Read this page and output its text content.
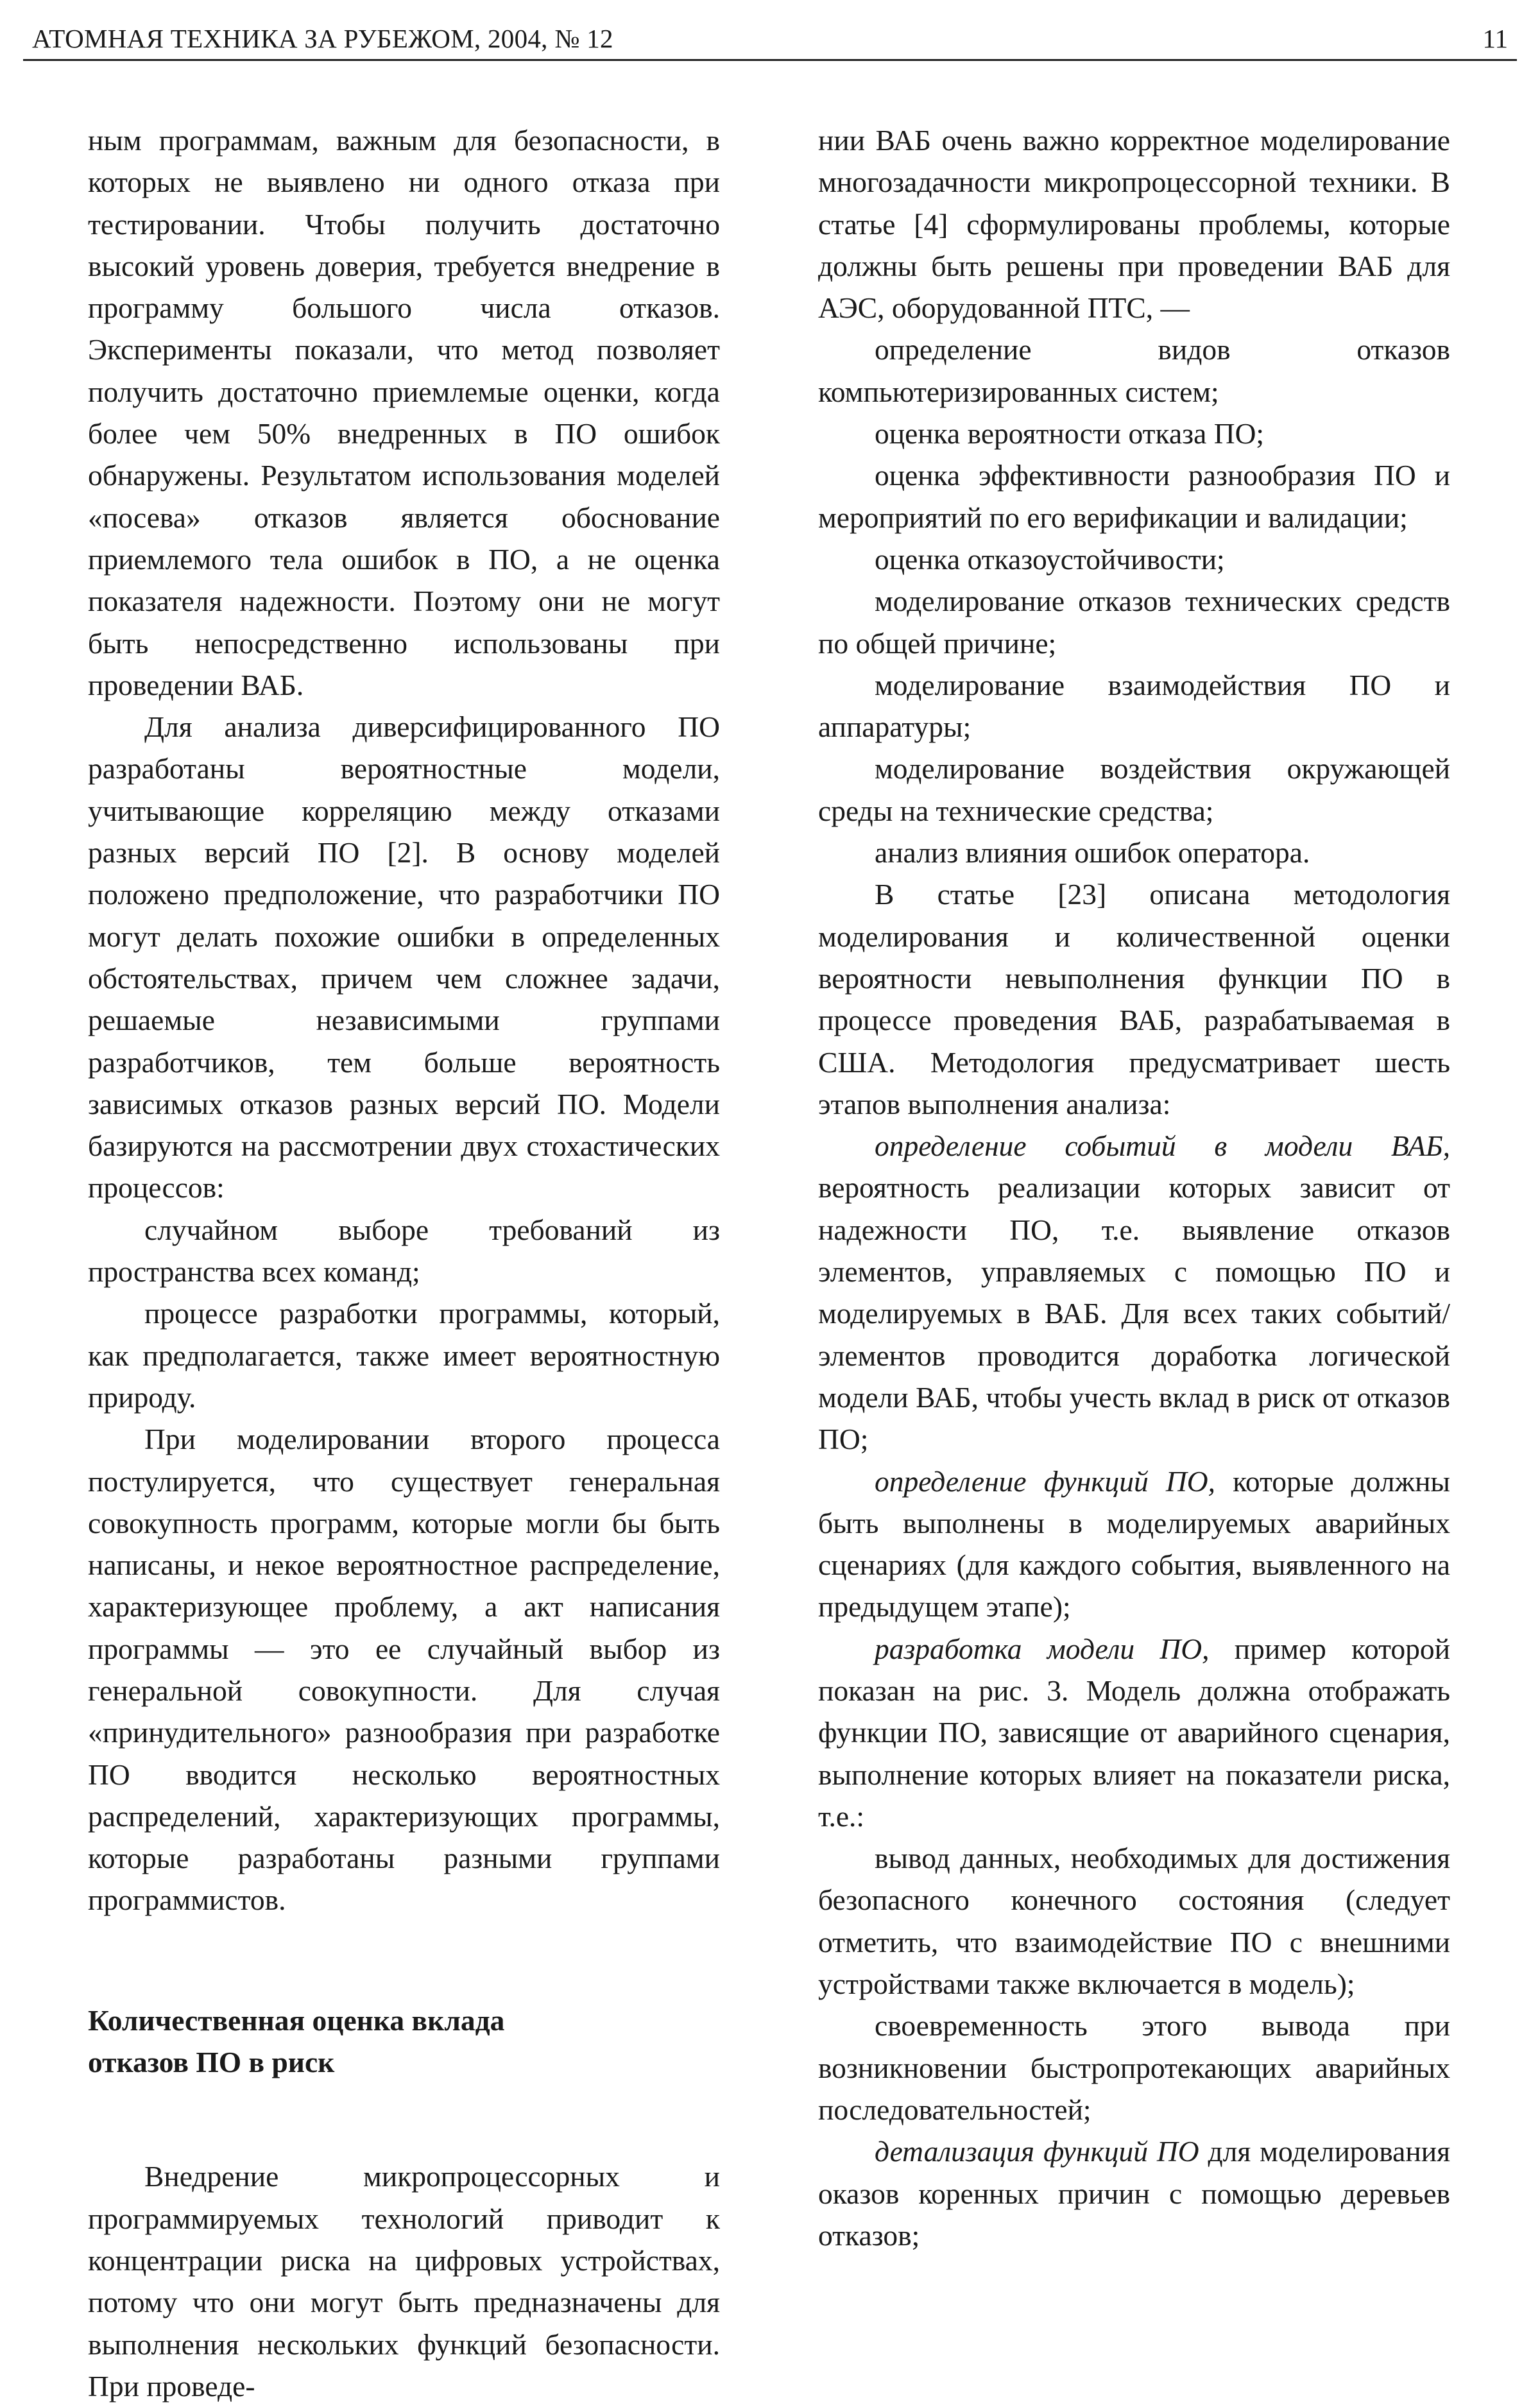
АТОМНАЯ ТЕХНИКА ЗА РУБЕЖОМ, 2004, № 12	11

ным программам, важным для безопасности, в которых не выявлено ни одного отказа при тестировании. Чтобы получить достаточно высокий уровень доверия, требуется внедрение в программу большого числа отказов. Эксперименты показали, что метод позволяет получить достаточно приемлемые оценки, когда более чем 50% внедренных в ПО ошибок обнаружены. Результатом использования моделей «посева» отказов является обоснование приемлемого тела ошибок в ПО, а не оценка показателя надежности. Поэтому они не могут быть непосредственно использованы при проведении ВАБ.

Для анализа диверсифицированного ПО разработаны вероятностные модели, учитывающие корреляцию между отказами разных версий ПО [2]. В основу моделей положено предположение, что разработчики ПО могут делать похожие ошибки в определенных обстоятельствах, причем чем сложнее задачи, решаемые независимыми группами разработчиков, тем больше вероятность зависимых отказов разных версий ПО. Модели базируются на рассмотрении двух стохастических процессов:

случайном выборе требований из пространства всех команд;

процессе разработки программы, который, как предполагается, также имеет вероятностную природу.

При моделировании второго процесса постулируется, что существует генеральная совокупность программ, которые могли бы быть написаны, и некое вероятностное распределение, характеризующее проблему, а акт написания программы — это ее случайный выбор из генеральной совокупности. Для случая «принудительного» разнообразия при разработке ПО вводится несколько вероятностных распределений, характеризующих программы, которые разработаны разными группами программистов.

Количественная оценка вклада
отказов ПО в риск

Внедрение микропроцессорных и программируемых технологий приводит к концентрации риска на цифровых устройствах, потому что они могут быть предназначены для выполнения нескольких функций безопасности. При проведе-

нии ВАБ очень важно корректное моделирование многозадачности микропроцессорной техники. В статье [4] сформулированы проблемы, которые должны быть решены при проведении ВАБ для АЭС, оборудованной ПТС, —

определение видов отказов компьютеризированных систем;

оценка вероятности отказа ПО;

оценка эффективности разнообразия ПО и мероприятий по его верификации и валидации;

оценка отказоустойчивости;

моделирование отказов технических средств по общей причине;

моделирование взаимодействия ПО и аппаратуры;

моделирование воздействия окружающей среды на технические средства;

анализ влияния ошибок оператора.

В статье [23] описана методология моделирования и количественной оценки вероятности невыполнения функции ПО в процессе проведения ВАБ, разрабатываемая в США. Методология предусматривает шесть этапов выполнения анализа:

определение событий в модели ВАБ, вероятность реализации которых зависит от надежности ПО, т.е. выявление отказов элементов, управляемых с помощью ПО и моделируемых в ВАБ. Для всех таких событий/элементов проводится доработка логической модели ВАБ, чтобы учесть вклад в риск от отказов ПО;

определение функций ПО, которые должны быть выполнены в моделируемых аварийных сценариях (для каждого события, выявленного на предыдущем этапе);

разработка модели ПО, пример которой показан на рис. 3. Модель должна отображать функции ПО, зависящие от аварийного сценария, выполнение которых влияет на показатели риска, т.е.:

вывод данных, необходимых для достижения безопасного конечного состояния (следует отметить, что взаимодействие ПО с внешними устройствами также включается в модель);

своевременность этого вывода при возникновении быстропротекающих аварийных последовательностей;

детализация функций ПО для моделирования оказов коренных причин с помощью деревьев отказов;
